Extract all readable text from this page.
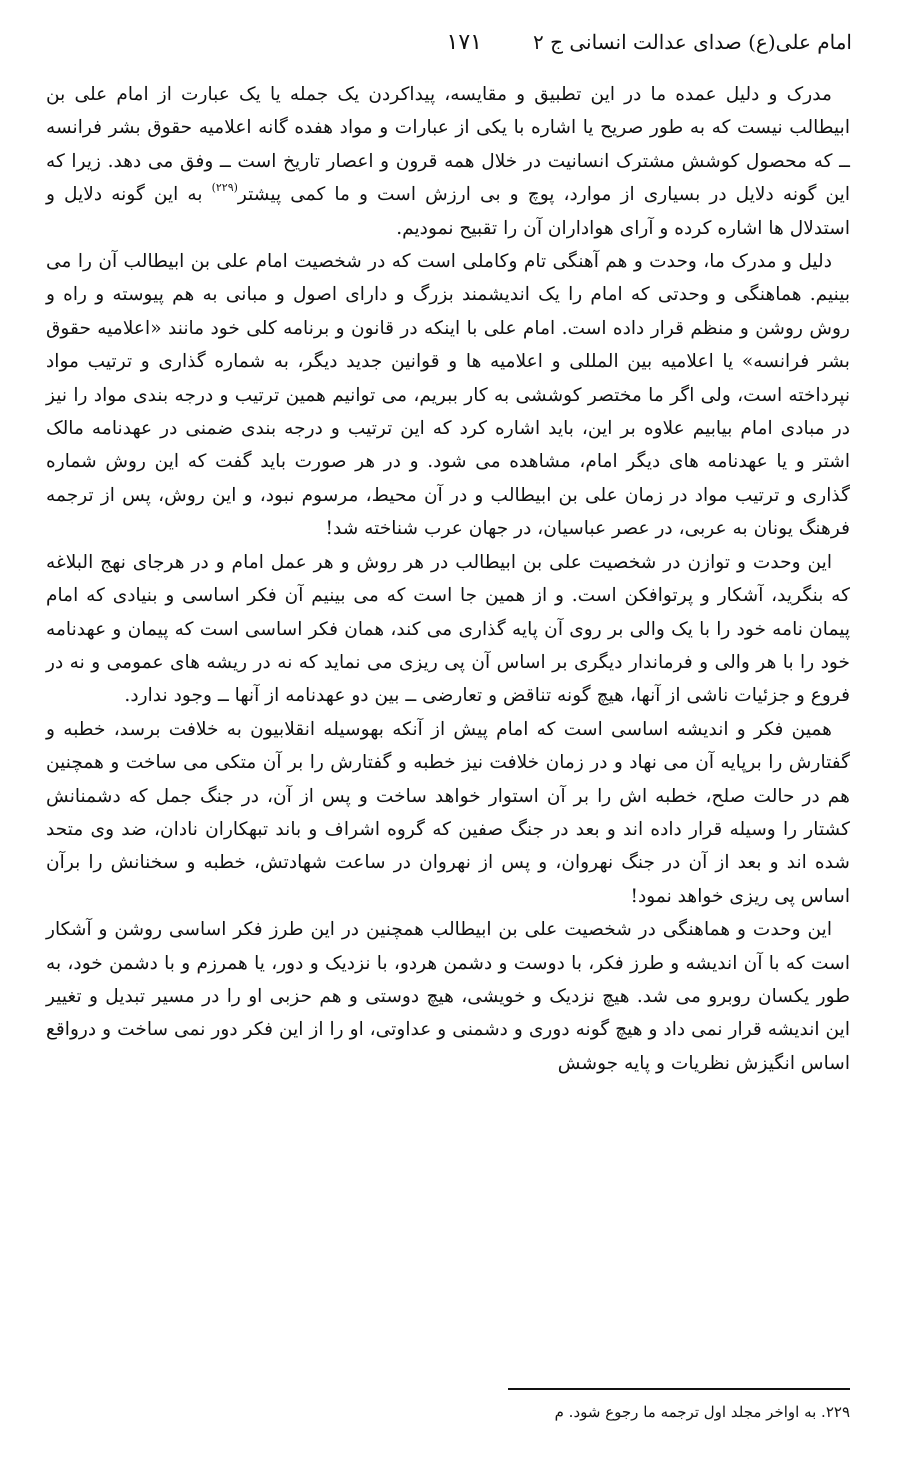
امام علی(ع) صدای عدالت انسانی ج ۲
۱۷۱

مدرک و دلیل عمده ما در این تطبیق و مقایسه، پیداکردن یک جمله یا یک عبارت از امام علی بن ابیطالب نیست که به طور صریح یا اشاره با یکی از عبارات و مواد هفده گانه اعلامیه حقوق بشر فرانسه ــ که محصول کوشش مشترک انسانیت در خلال همه قرون و اعصار تاریخ است ــ وفق می دهد. زیرا که این گونه دلایل در بسیاری از موارد، پوچ و بی ارزش است و ما کمی پیشتر$^{(۲۲۹)}$ به این گونه دلایل و استدلال ها اشاره کرده و آرای هواداران آن را تقبیح نمودیم.

دلیل و مدرک ما، وحدت و هم آهنگی تام وکاملی است که در شخصیت امام علی بن ابیطالب آن را می بینیم. هماهنگی و وحدتی که امام را یک اندیشمند بزرگ و دارای اصول و مبانی به هم پیوسته و راه و روش روشن و منظم قرار داده است. امام علی با اینکه در قانون و برنامه کلی خود مانند «اعلامیه حقوق بشر فرانسه» یا اعلامیه بین المللی و اعلامیه ها و قوانین جدید دیگر، به شماره گذاری و ترتیب مواد نپرداخته است، ولی اگر ما مختصر کوششی به کار ببریم، می توانیم همین ترتیب و درجه بندی مواد را نیز در مبادی امام بیابیم علاوه بر این، باید اشاره کرد که این ترتیب و درجه بندی ضمنی در عهدنامه مالک اشتر و یا عهدنامه های دیگر امام، مشاهده می شود. و در هر صورت باید گفت که این روش شماره گذاری و ترتیب مواد در زمان علی بن ابیطالب و در آن محیط، مرسوم نبود، و این روش، پس از ترجمه فرهنگ یونان به عربی، در عصر عباسیان، در جهان عرب شناخته شد!

این وحدت و توازن در شخصیت علی بن ابیطالب در هر روش و هر عمل امام و در هرجای نهج البلاغه که بنگرید، آشکار و پرتوافکن است. و از همین جا است که می بینیم آن فکر اساسی و بنیادی که امام پیمان نامه خود را با یک والی بر روی آن پایه گذاری می کند، همان فکر اساسی است که پیمان و عهدنامه خود را با هر والی و فرماندار دیگری بر اساس آن پی ریزی می نماید که نه در ریشه های عمومی و نه در فروع و جزئیات ناشی از آنها، هیچ گونه تناقض و تعارضی ــ بین دو عهدنامه از آنها ــ وجود ندارد.

همین فکر و اندیشه اساسی است که امام پیش از آنکه بهوسیله انقلابیون به خلافت برسد، خطبه و گفتارش را برپایه آن می نهاد و در زمان خلافت نیز خطبه و گفتارش را بر آن متکی می ساخت و همچنین هم در حالت صلح، خطبه اش را بر آن استوار خواهد ساخت و پس از آن، در جنگ جمل که دشمنانش کشتار را وسیله قرار داده اند و بعد در جنگ صفین که گروه اشراف و باند تبهکاران نادان، ضد وی متحد شده اند و بعد از آن در جنگ نهروان، و پس از نهروان در ساعت شهادتش، خطبه و سخنانش را برآن اساس پی ریزی خواهد نمود!

این وحدت و هماهنگی در شخصیت علی بن ابیطالب همچنین در این طرز فکر اساسی روشن و آشکار است که با آن اندیشه و طرز فکر، با دوست و دشمن هردو، با نزدیک و دور، یا همرزم و با دشمن خود، به طور یکسان روبرو می شد. هیچ نزدیک و خویشی، هیچ دوستی و هم حزبی او را در مسیر تبدیل و تغییر این اندیشه قرار نمی داد و هیچ گونه دوری و دشمنی و عداوتی، او را از این فکر دور نمی ساخت و درواقع اساس انگیزش نظریات و پایه جوشش

۲۲۹. به اواخر مجلد اول ترجمه ما رجوع شود. م
